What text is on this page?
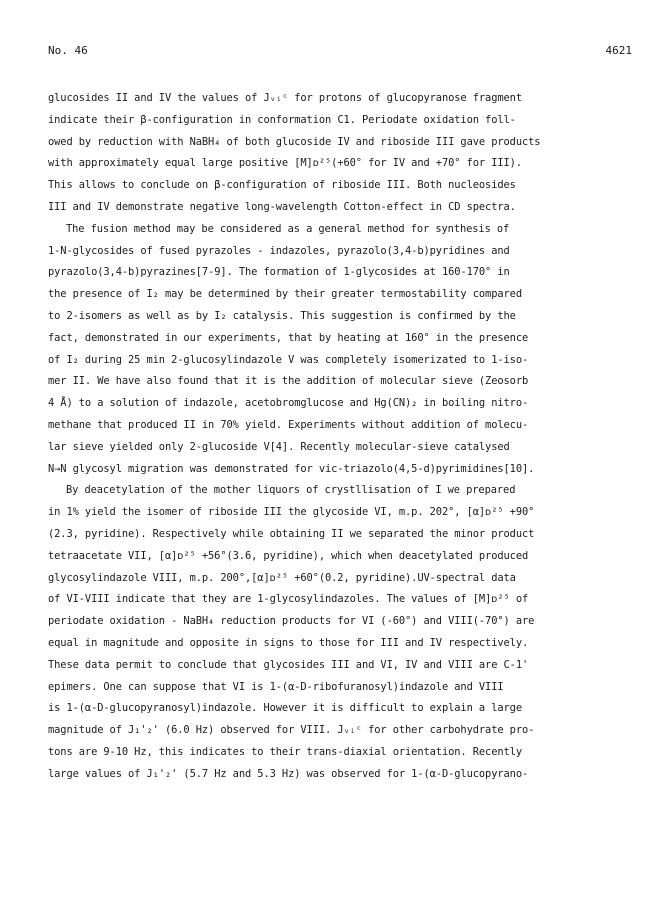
No. 46	4621
glucosides II and IV the values of Jᵥᵢᶜ for protons of glucopyranose fragment
indicate their β-configuration in conformation C1. Periodate oxidation foll-
owed by reduction with NaBH₄ of both glucoside IV and riboside III gave products
with approximately equal large positive [M]ᴅ²⁵(+60° for IV and +70° for III).
This allows to conclude on β-configuration of riboside III. Both nucleosides
III and IV demonstrate negative long-wavelength Cotton-effect in CD spectra.
The fusion method may be considered as a general method for synthesis of
1-N-glycosides of fused pyrazoles - indazoles, pyrazolo(3,4-b)pyridines and
pyrazolo(3,4-b)pyrazines[7-9]. The formation of 1-glycosides at 160-170° in
the presence of I₂ may be determined by their greater termostability compared
to 2-isomers as well as by I₂ catalysis. This suggestion is confirmed by the
fact, demonstrated in our experiments, that by heating at 160° in the presence
of I₂ during 25 min 2-glucosylindazole V was completely isomerizated to 1-iso-
mer II. We have also found that it is the addition of molecular sieve (Zeosorb
4 Å) to a solution of indazole, acetobromglucose and Hg(CN)₂ in boiling nitro-
methane that produced II in 70% yield. Experiments without addition of molecu-
lar sieve yielded only 2-glucoside V[4]. Recently molecular-sieve catalysed
N→N glycosyl migration was demonstrated for vic-triazolo(4,5-d)pyrimidines[10].
By deacetylation of the mother liquors of crystllisation of I we prepared
in 1% yield the isomer of riboside III the glycoside VI, m.p. 202°, [α]ᴅ²⁵ +90°
(2.3, pyridine). Respectively while obtaining II we separated the minor product
tetraacetate VII, [α]ᴅ²⁵ +56°(3.6, pyridine), which when deacetylated produced
glycosylindazole VIII, m.p. 200°,[α]ᴅ²⁵ +60°(0.2, pyridine).UV-spectral data
of VI-VIII indicate that they are 1-glycosylindazoles. The values of [M]ᴅ²⁵ of
periodate oxidation - NaBH₄ reduction products for VI (-60°) and VIII(-70°) are
equal in magnitude and opposite in signs to those for III and IV respectively.
These data permit to conclude that glycosides III and VI, IV and VIII are C-1'
epimers. One can suppose that VI is 1-(α-D-ribofuranosyl)indazole and VIII
is 1-(α-D-glucopyranosyl)indazole. However it is difficult to explain a large
magnitude of J₁'₂' (6.0 Hz) observed for VIII. Jᵥᵢᶜ for other carbohydrate pro-
tons are 9-10 Hz, this indicates to their trans-diaxial orientation. Recently
large values of J₁'₂' (5.7 Hz and 5.3 Hz) was observed for 1-(α-D-glucopyrano-
